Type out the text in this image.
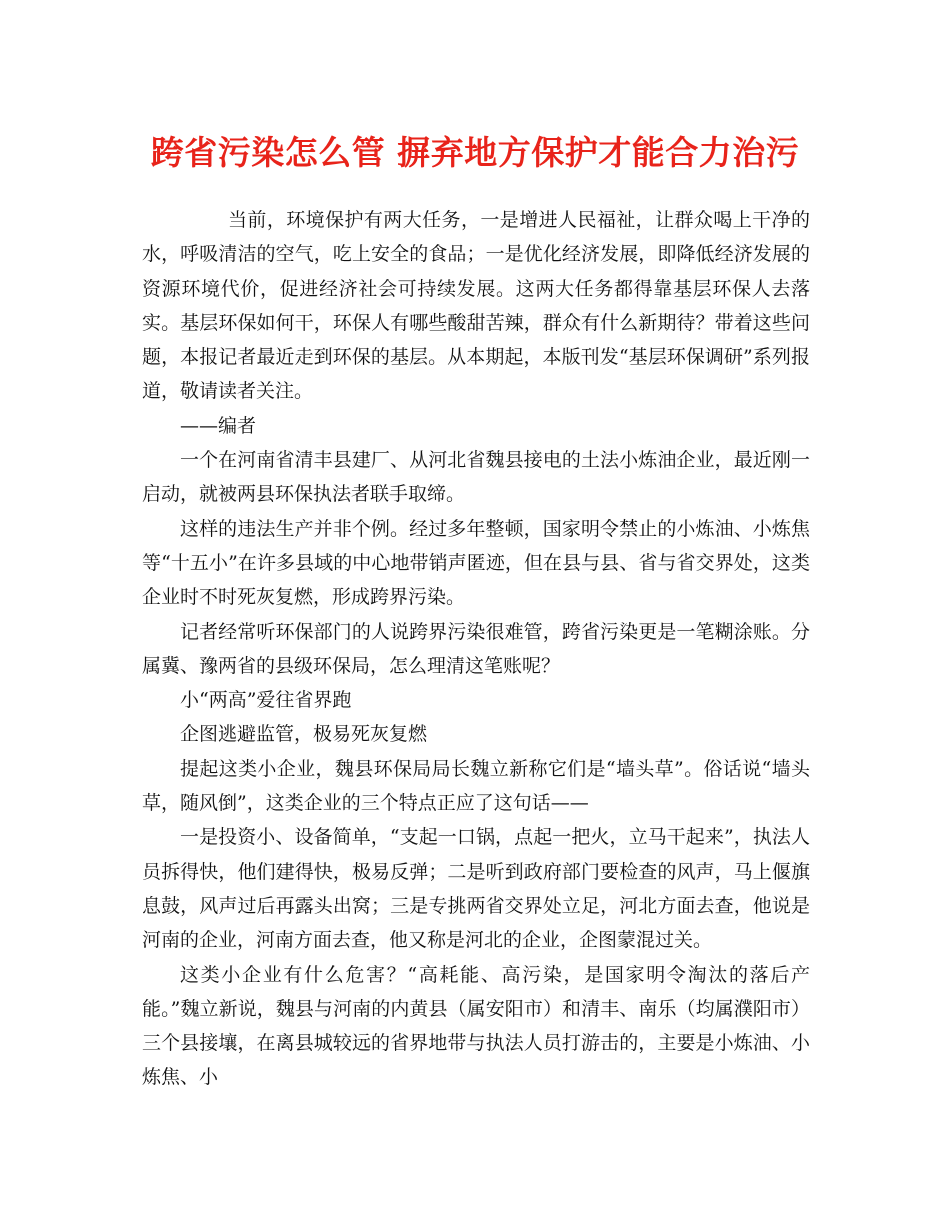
跨省污染怎么管 摒弃地方保护才能合力治污

当前，环境保护有两大任务，一是增进人民福祉，让群众喝上干净的水，呼吸清洁的空气，吃上安全的食品；一是优化经济发展，即降低经济发展的资源环境代价，促进经济社会可持续发展。这两大任务都得靠基层环保人去落实。基层环保如何干，环保人有哪些酸甜苦辣，群众有什么新期待？带着这些问题，本报记者最近走到环保的基层。从本期起，本版刊发“基层环保调研”系列报道，敬请读者关注。

——编者

一个在河南省清丰县建厂、从河北省魏县接电的土法小炼油企业，最近刚一启动，就被两县环保执法者联手取缔。

这样的违法生产并非个例。经过多年整顿，国家明令禁止的小炼油、小炼焦等“十五小”在许多县域的中心地带销声匿迹，但在县与县、省与省交界处，这类企业时不时死灰复燃，形成跨界污染。

记者经常听环保部门的人说跨界污染很难管，跨省污染更是一笔糊涂账。分属冀、豫两省的县级环保局，怎么理清这笔账呢？

小“两高”爱往省界跑

企图逃避监管，极易死灰复燃

提起这类小企业，魏县环保局局长魏立新称它们是“墙头草”。俗话说“墙头草，随风倒”，这类企业的三个特点正应了这句话——

一是投资小、设备简单，“支起一口锅，点起一把火，立马干起来”，执法人员拆得快，他们建得快，极易反弹；二是听到政府部门要检查的风声，马上偃旗息鼓，风声过后再露头出窝；三是专挑两省交界处立足，河北方面去查，他说是河南的企业，河南方面去查，他又称是河北的企业，企图蒙混过关。

这类小企业有什么危害？“高耗能、高污染，是国家明令淘汰的落后产能。”魏立新说，魏县与河南的内黄县（属安阳市）和清丰、南乐（均属濮阳市）三个县接壤，在离县城较远的省界地带与执法人员打游击的，主要是小炼油、小炼焦、小
